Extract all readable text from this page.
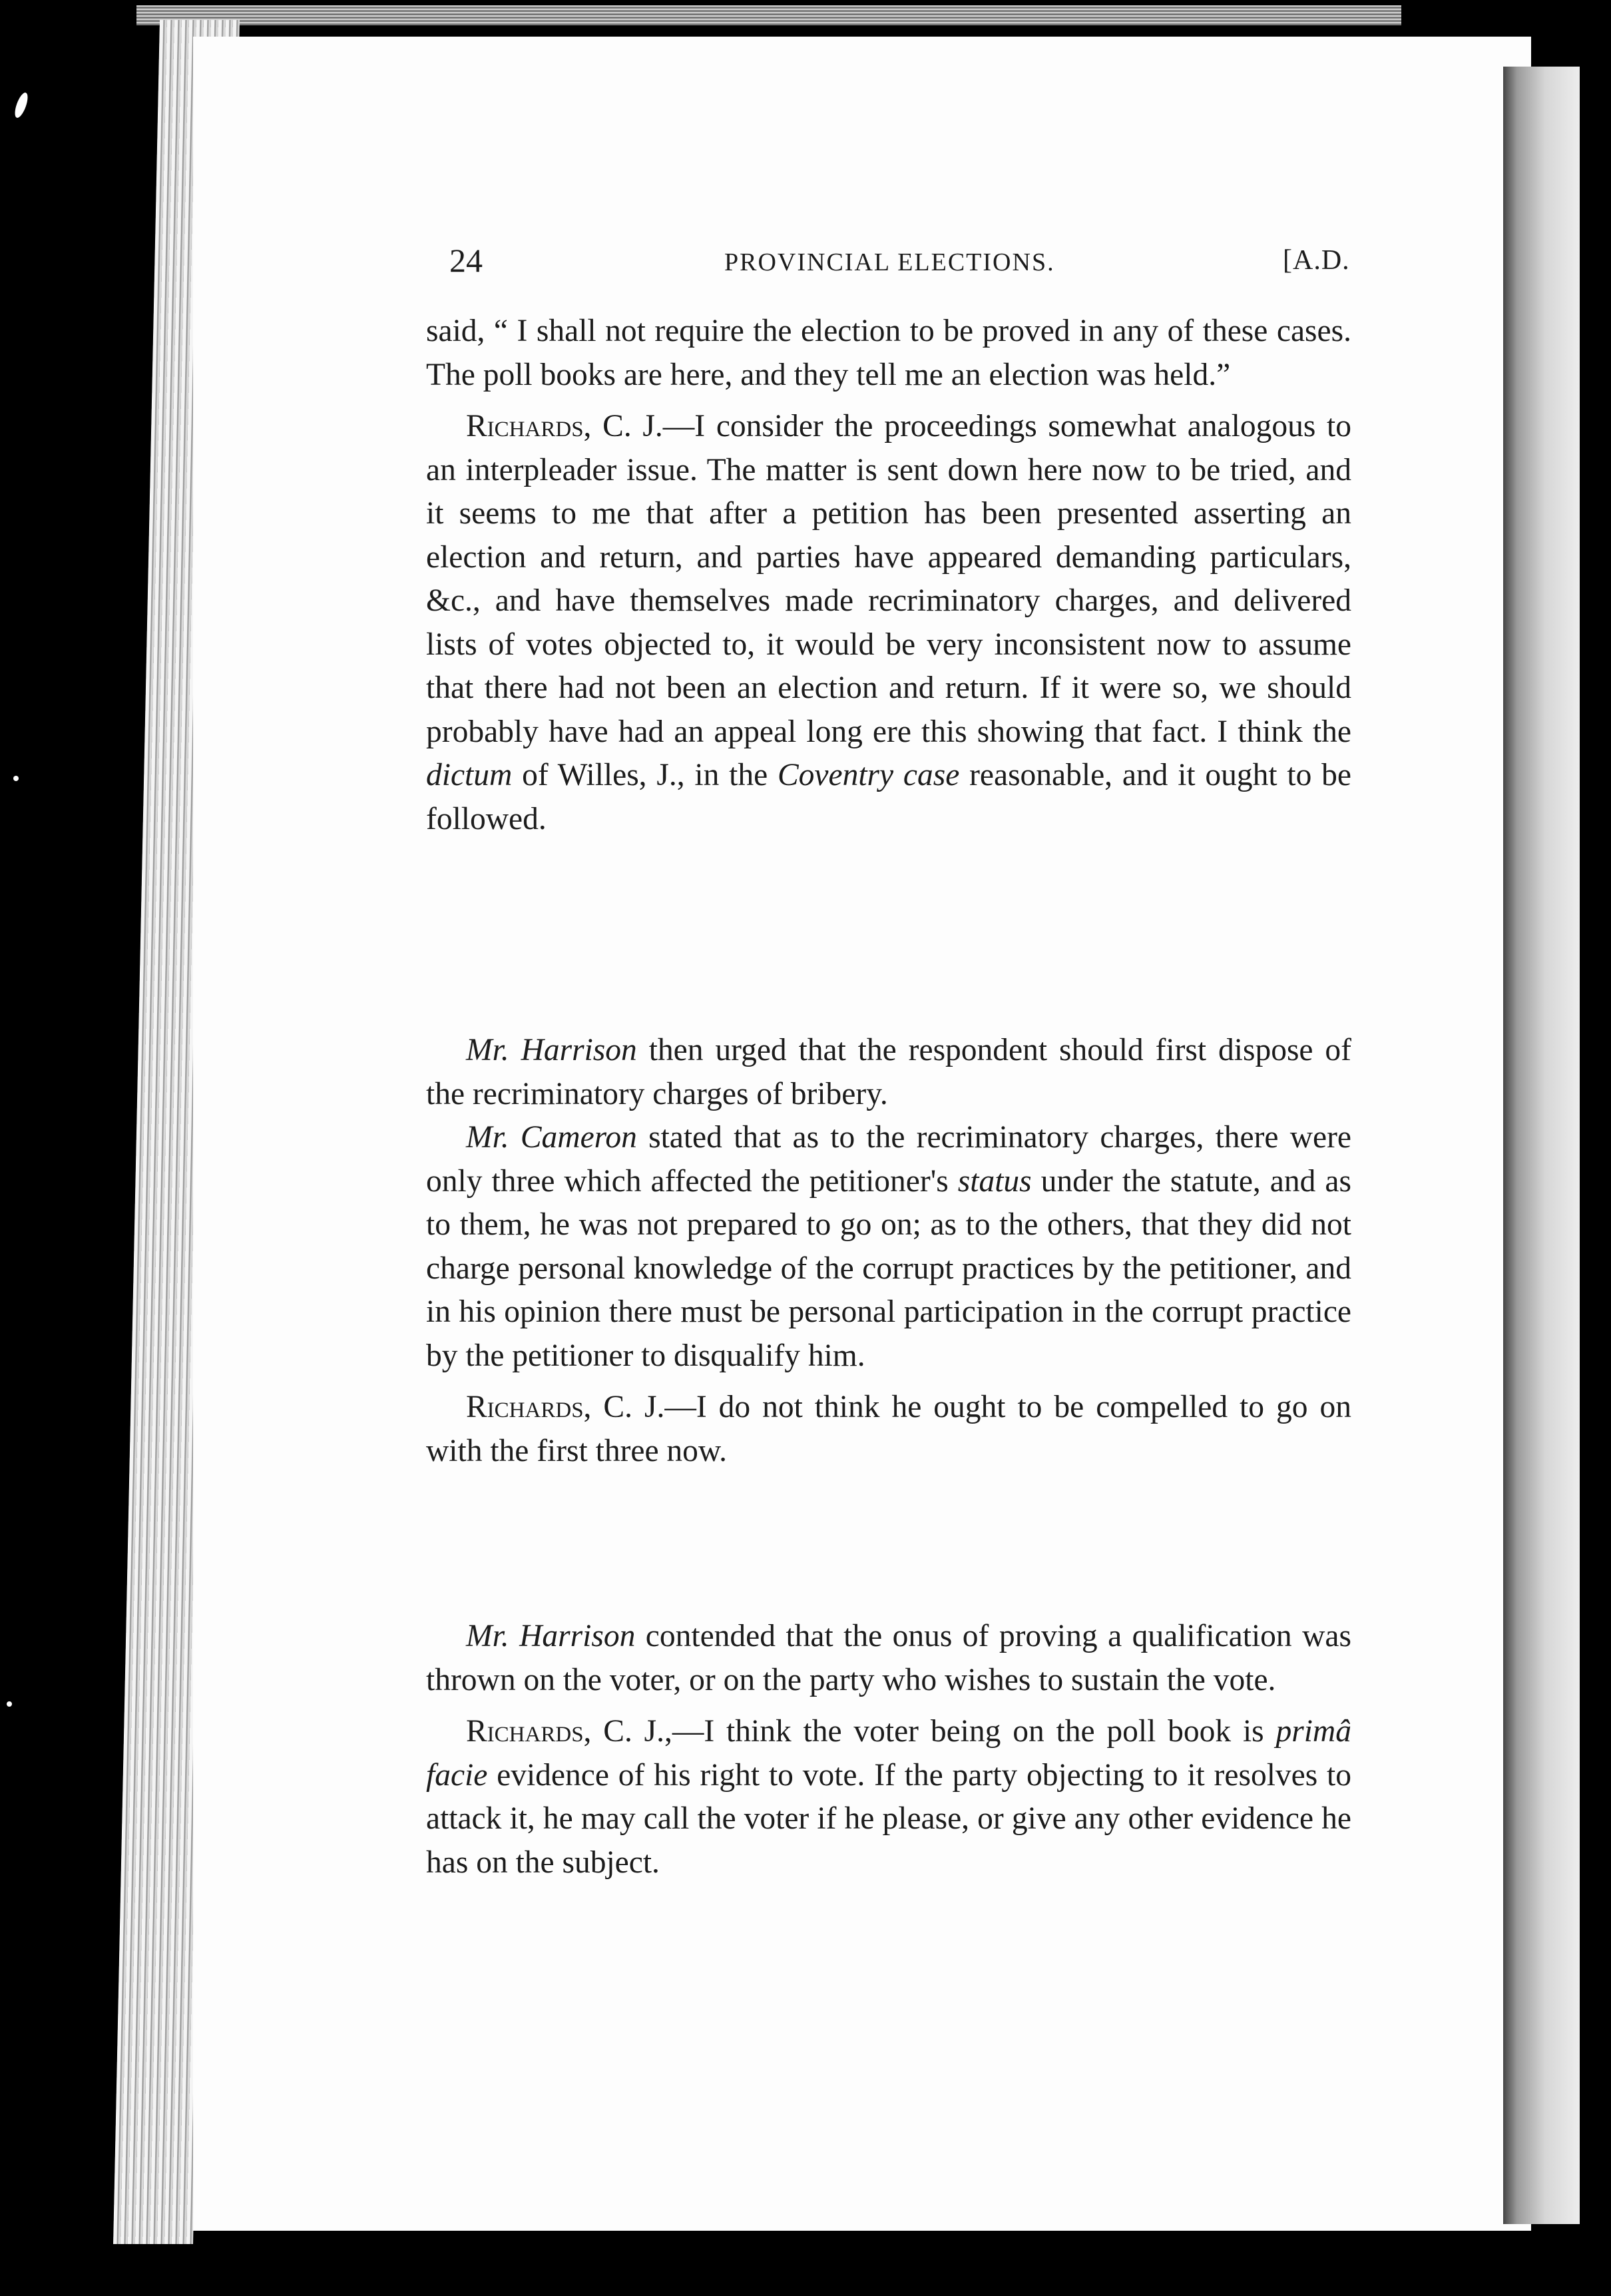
24	PROVINCIAL ELECTIONS.	[A.D.

said, “ I shall not require the election to be proved in any of these cases. The poll books are here, and they tell me an election was held.”

Richards, C. J.—I consider the proceedings somewhat analogous to an interpleader issue. The matter is sent down here now to be tried, and it seems to me that after a petition has been presented asserting an election and return, and parties have appeared demanding particulars, &c., and have themselves made recriminatory charges, and delivered lists of votes objected to, it would be very inconsistent now to assume that there had not been an election and return. If it were so, we should probably have had an appeal long ere this showing that fact. I think the dictum of Willes, J., in the Coventry case reasonable, and it ought to be followed.

Mr. Harrison then urged that the respondent should first dispose of the recriminatory charges of bribery.

Mr. Cameron stated that as to the recriminatory charges, there were only three which affected the petitioner's status under the statute, and as to them, he was not prepared to go on; as to the others, that they did not charge personal knowledge of the corrupt practices by the petitioner, and in his opinion there must be personal participation in the corrupt practice by the petitioner to disqualify him.

Richards, C. J.—I do not think he ought to be compelled to go on with the first three now.

Mr. Harrison contended that the onus of proving a qualification was thrown on the voter, or on the party who wishes to sustain the vote.

Richards, C. J.,—I think the voter being on the poll book is primâ facie evidence of his right to vote. If the party objecting to it resolves to attack it, he may call the voter if he please, or give any other evidence he has on the subject.
